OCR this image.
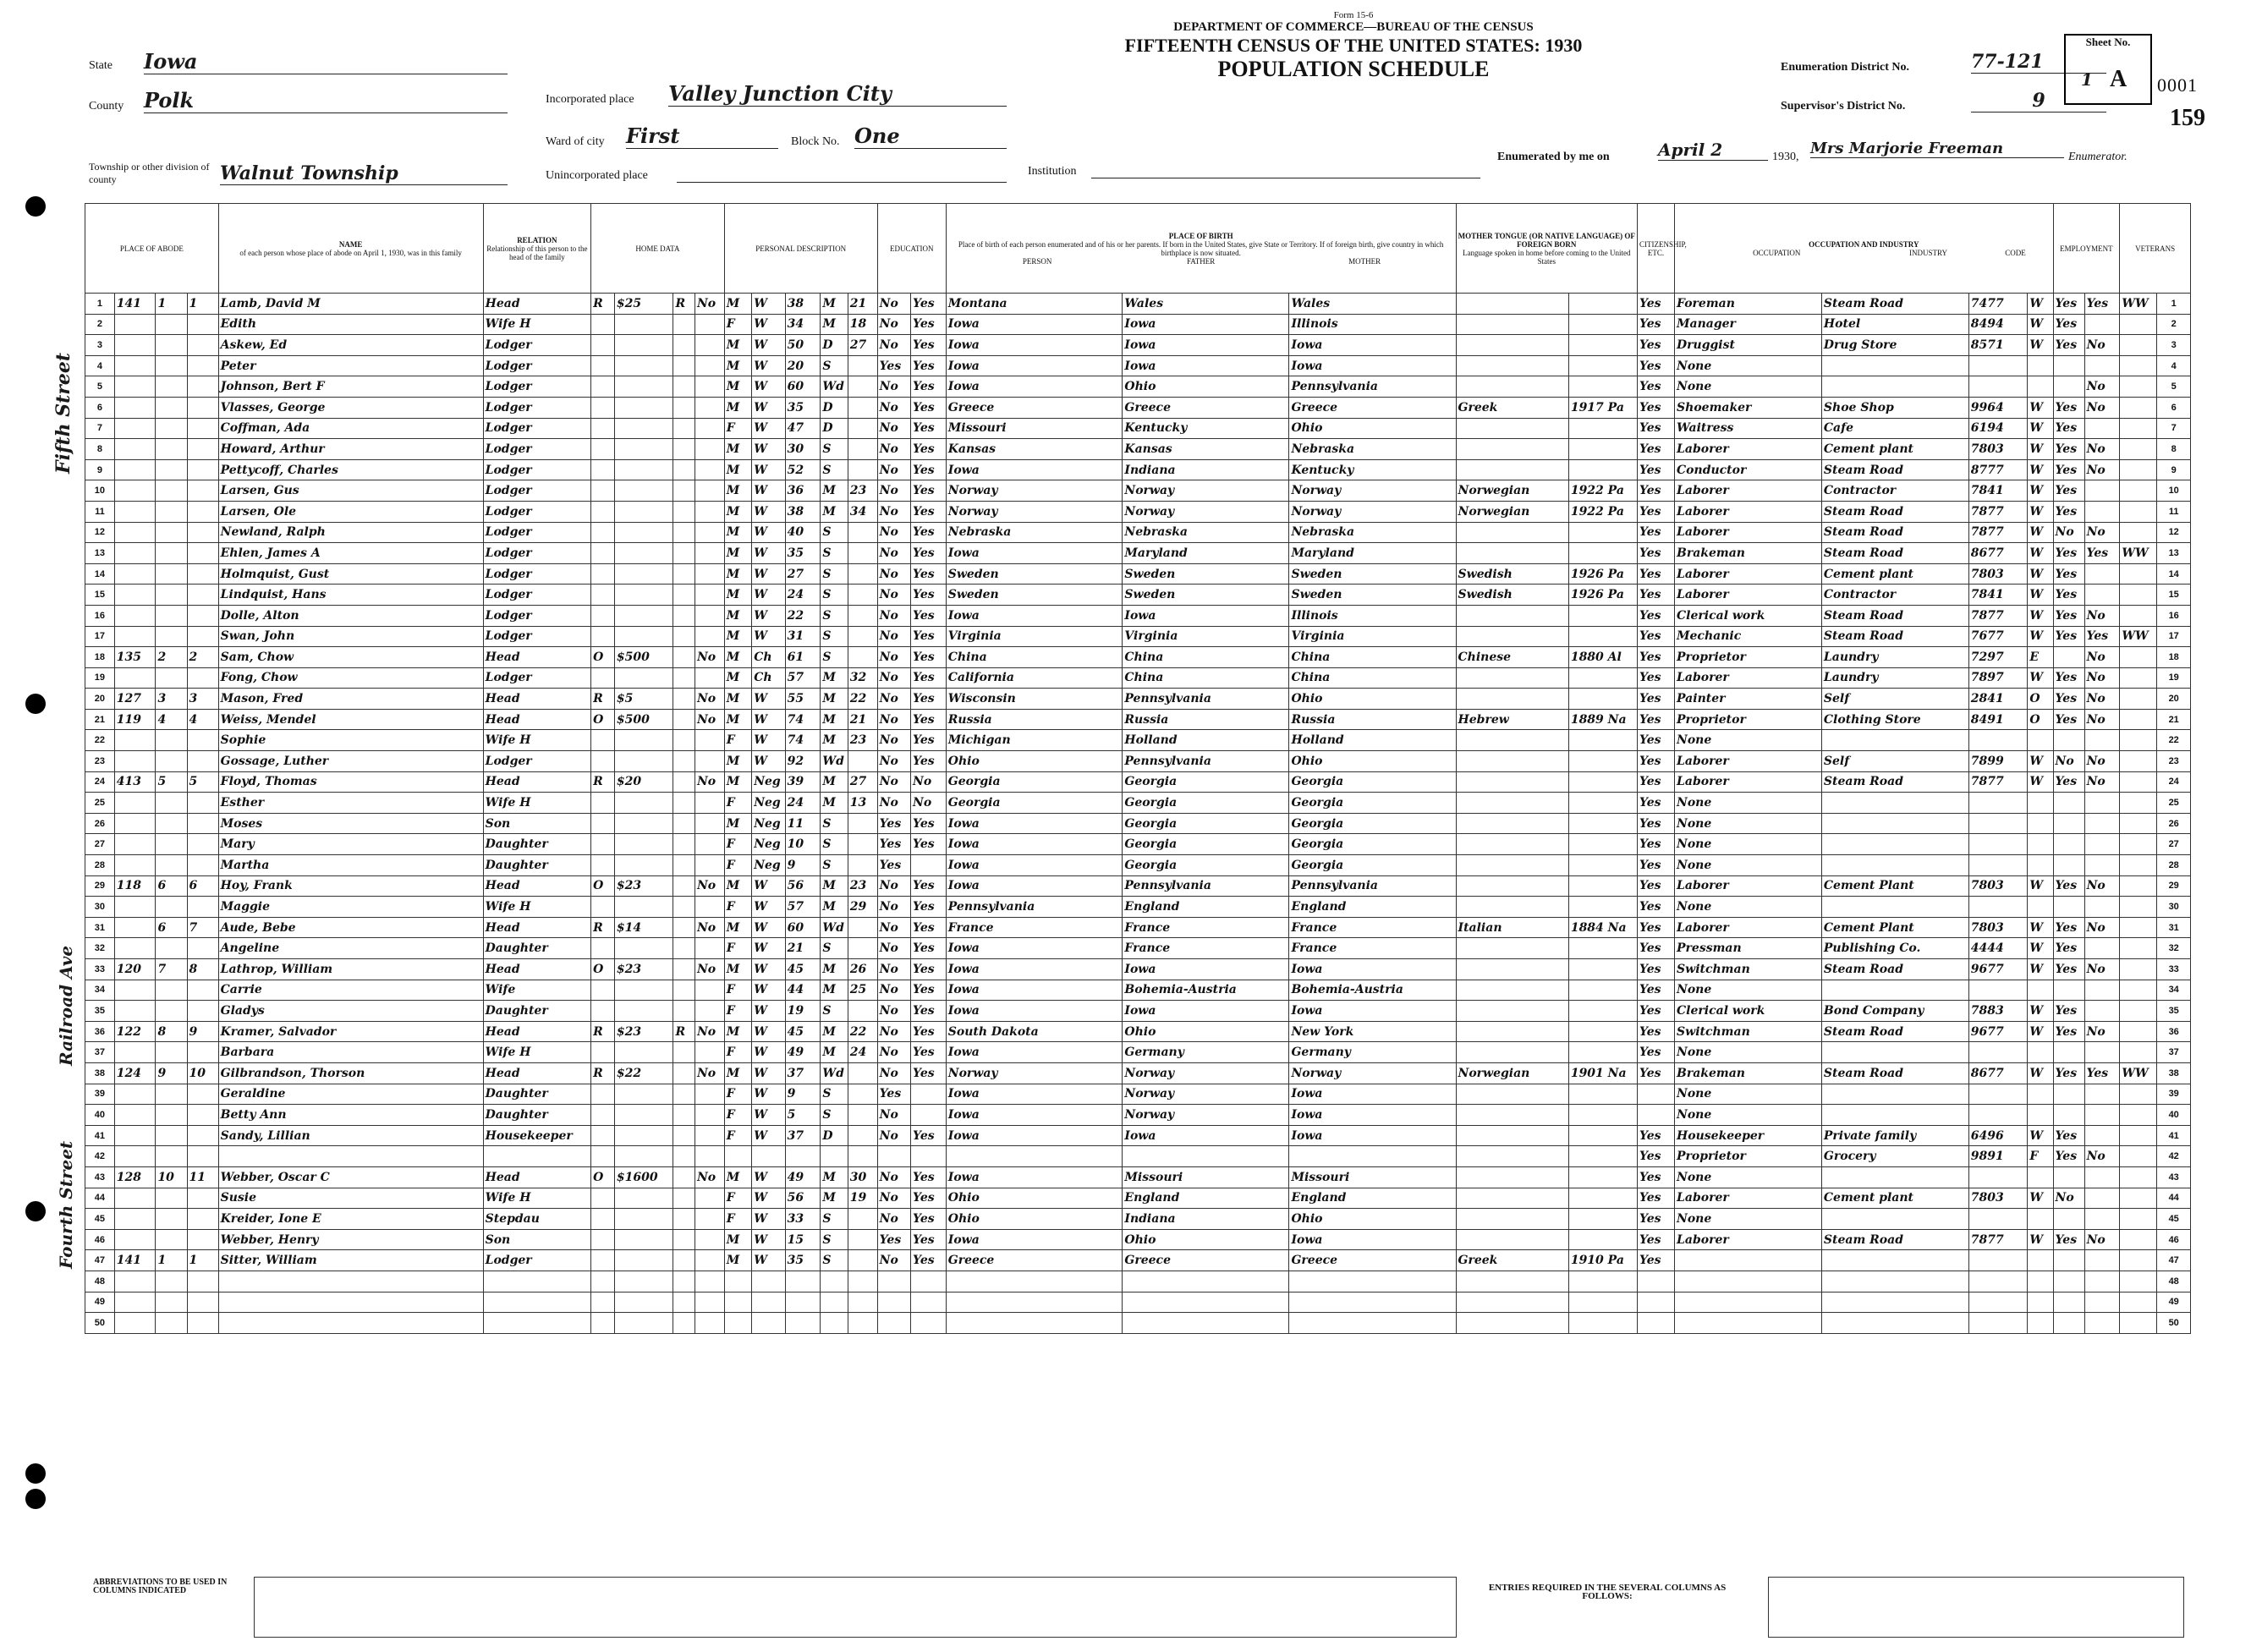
Form 15-6
DEPARTMENT OF COMMERCE—BUREAU OF THE CENSUS
FIFTEENTH CENSUS OF THE UNITED STATES: 1930
POPULATION SCHEDULE
State Iowa
County Polk
Township or other division of county	Walnut Township
Incorporated place Valley Junction City
Ward of city First	Block No. One
Unincorporated place	Institution
Enumeration District No.	77-121
Supervisor's District No.	9
Sheet No.
1 A 0001
159
Enumerated by me on	April 2	1930, Mrs Marjorie Freeman	Enumerator.
Fifth Street
Railroad Ave
Fourth Street
PLACE OF ABODE				NAME
of each person whose place of abode on April 1, 1930, was in this family	RELATION
Relationship of this person to the head of the family	HOME DATA				PERSONAL DESCRIPTION					EDUCATION		PLACE OF BIRTH
Place of birth of each person enumerated and of his or her parents. If born in the United States, give State or Territory. If of foreign birth, give country in which birthplace is now situated.
PERSON FATHER MOTHER			MOTHER TONGUE (OR NATIVE LANGUAGE) OF FOREIGN BORN
Language spoken in home before coming to the United States		CITIZENSHIP, ETC.	OCCUPATION AND INDUSTRY
OCCUPATION INDUSTRY CODE				EMPLOYMENT		VETERANS	
1	141	1	1	Lamb, David M	Head	R	$25	R	No	M	W	38	M	21	No	Yes	Montana	Wales	Wales			Yes	Foreman	Steam Road	7477	W	Yes	Yes	WW	1
2				Edith	Wife H					F	W	34	M	18	No	Yes	Iowa	Iowa	Illinois			Yes	Manager	Hotel	8494	W	Yes			2
3				Askew, Ed	Lodger					M	W	50	D	27	No	Yes	Iowa	Iowa	Iowa			Yes	Druggist	Drug Store	8571	W	Yes	No		3
4				Peter	Lodger					M	W	20	S		Yes	Yes	Iowa	Iowa	Iowa			Yes	None							4
5				Johnson, Bert F	Lodger					M	W	60	Wd		No	Yes	Iowa	Ohio	Pennsylvania			Yes	None					No		5
6				Vlasses, George	Lodger					M	W	35	D		No	Yes	Greece	Greece	Greece	Greek	1917 Pa	Yes	Shoemaker	Shoe Shop	9964	W	Yes	No		6
7				Coffman, Ada	Lodger					F	W	47	D		No	Yes	Missouri	Kentucky	Ohio			Yes	Waitress	Cafe	6194	W	Yes			7
8				Howard, Arthur	Lodger					M	W	30	S		No	Yes	Kansas	Kansas	Nebraska			Yes	Laborer	Cement plant	7803	W	Yes	No		8
9				Pettycoff, Charles	Lodger					M	W	52	S		No	Yes	Iowa	Indiana	Kentucky			Yes	Conductor	Steam Road	8777	W	Yes	No		9
10				Larsen, Gus	Lodger					M	W	36	M	23	No	Yes	Norway	Norway	Norway	Norwegian	1922 Pa	Yes	Laborer	Contractor	7841	W	Yes			10
11				Larsen, Ole	Lodger					M	W	38	M	34	No	Yes	Norway	Norway	Norway	Norwegian	1922 Pa	Yes	Laborer	Steam Road	7877	W	Yes			11
12				Newland, Ralph	Lodger					M	W	40	S		No	Yes	Nebraska	Nebraska	Nebraska			Yes	Laborer	Steam Road	7877	W	No	No		12
13				Ehlen, James A	Lodger					M	W	35	S		No	Yes	Iowa	Maryland	Maryland			Yes	Brakeman	Steam Road	8677	W	Yes	Yes	WW	13
14				Holmquist, Gust	Lodger					M	W	27	S		No	Yes	Sweden	Sweden	Sweden	Swedish	1926 Pa	Yes	Laborer	Cement plant	7803	W	Yes			14
15				Lindquist, Hans	Lodger					M	W	24	S		No	Yes	Sweden	Sweden	Sweden	Swedish	1926 Pa	Yes	Laborer	Contractor	7841	W	Yes			15
16				Dolle, Alton	Lodger					M	W	22	S		No	Yes	Iowa	Iowa	Illinois			Yes	Clerical work	Steam Road	7877	W	Yes	No		16
17				Swan, John	Lodger					M	W	31	S		No	Yes	Virginia	Virginia	Virginia			Yes	Mechanic	Steam Road	7677	W	Yes	Yes	WW	17
18	135	2	2	Sam, Chow	Head	O	$500		No	M	Ch	61	S		No	Yes	China	China	China	Chinese	1880 Al	Yes	Proprietor	Laundry	7297	E		No		18
19				Fong, Chow	Lodger					M	Ch	57	M	32	No	Yes	California	China	China			Yes	Laborer	Laundry	7897	W	Yes	No		19
20	127	3	3	Mason, Fred	Head	R	$5		No	M	W	55	M	22	No	Yes	Wisconsin	Pennsylvania	Ohio			Yes	Painter	Self	2841	O	Yes	No		20
21	119	4	4	Weiss, Mendel	Head	O	$500		No	M	W	74	M	21	No	Yes	Russia	Russia	Russia	Hebrew	1889 Na	Yes	Proprietor	Clothing Store	8491	O	Yes	No		21
22				Sophie	Wife H					F	W	74	M	23	No	Yes	Michigan	Holland	Holland			Yes	None							22
23				Gossage, Luther	Lodger					M	W	92	Wd		No	Yes	Ohio	Pennsylvania	Ohio			Yes	Laborer	Self	7899	W	No	No		23
24	413	5	5	Floyd, Thomas	Head	R	$20		No	M	Neg	39	M	27	No	No	Georgia	Georgia	Georgia			Yes	Laborer	Steam Road	7877	W	Yes	No		24
25				Esther	Wife H					F	Neg	24	M	13	No	No	Georgia	Georgia	Georgia			Yes	None							25
26				Moses	Son					M	Neg	11	S		Yes	Yes	Iowa	Georgia	Georgia			Yes	None							26
27				Mary	Daughter					F	Neg	10	S		Yes	Yes	Iowa	Georgia	Georgia			Yes	None							27
28				Martha	Daughter					F	Neg	9	S		Yes		Iowa	Georgia	Georgia			Yes	None							28
29	118	6	6	Hoy, Frank	Head	O	$23		No	M	W	56	M	23	No	Yes	Iowa	Pennsylvania	Pennsylvania			Yes	Laborer	Cement Plant	7803	W	Yes	No		29
30				Maggie	Wife H					F	W	57	M	29	No	Yes	Pennsylvania	England	England			Yes	None							30
31		6	7	Aude, Bebe	Head	R	$14		No	M	W	60	Wd		No	Yes	France	France	France	Italian	1884 Na	Yes	Laborer	Cement Plant	7803	W	Yes	No		31
32				Angeline	Daughter					F	W	21	S		No	Yes	Iowa	France	France			Yes	Pressman	Publishing Co.	4444	W	Yes			32
33	120	7	8	Lathrop, William	Head	O	$23		No	M	W	45	M	26	No	Yes	Iowa	Iowa	Iowa			Yes	Switchman	Steam Road	9677	W	Yes	No		33
34				Carrie	Wife					F	W	44	M	25	No	Yes	Iowa	Bohemia-Austria	Bohemia-Austria			Yes	None							34
35				Gladys	Daughter					F	W	19	S		No	Yes	Iowa	Iowa	Iowa			Yes	Clerical work	Bond Company	7883	W	Yes			35
36	122	8	9	Kramer, Salvador	Head	R	$23	R	No	M	W	45	M	22	No	Yes	South Dakota	Ohio	New York			Yes	Switchman	Steam Road	9677	W	Yes	No		36
37				Barbara	Wife H					F	W	49	M	24	No	Yes	Iowa	Germany	Germany			Yes	None							37
38	124	9	10	Gilbrandson, Thorson	Head	R	$22		No	M	W	37	Wd		No	Yes	Norway	Norway	Norway	Norwegian	1901 Na	Yes	Brakeman	Steam Road	8677	W	Yes	Yes	WW	38
39				Geraldine	Daughter					F	W	9	S		Yes		Iowa	Norway	Iowa				None							39
40				Betty Ann	Daughter					F	W	5	S		No		Iowa	Norway	Iowa				None							40
41				Sandy, Lillian	Housekeeper					F	W	37	D		No	Yes	Iowa	Iowa	Iowa			Yes	Housekeeper	Private family	6496	W	Yes			41
42																						Yes	Proprietor	Grocery	9891	F	Yes	No		42
43	128	10	11	Webber, Oscar C	Head	O	$1600		No	M	W	49	M	30	No	Yes	Iowa	Missouri	Missouri			Yes	None							43
44				Susie	Wife H					F	W	56	M	19	No	Yes	Ohio	England	England			Yes	Laborer	Cement plant	7803	W	No			44
45				Kreider, Ione E	Stepdau					F	W	33	S		No	Yes	Ohio	Indiana	Ohio			Yes	None							45
46				Webber, Henry	Son					M	W	15	S		Yes	Yes	Iowa	Ohio	Iowa			Yes	Laborer	Steam Road	7877	W	Yes	No		46
47	141	1	1	Sitter, William	Lodger					M	W	35	S		No	Yes	Greece	Greece	Greece	Greek	1910 Pa	Yes								47
48																														48
49																														49
50																														50
ABBREVIATIONS TO BE USED IN COLUMNS INDICATED	ENTRIES REQUIRED IN THE SEVERAL COLUMNS AS FOLLOWS:
